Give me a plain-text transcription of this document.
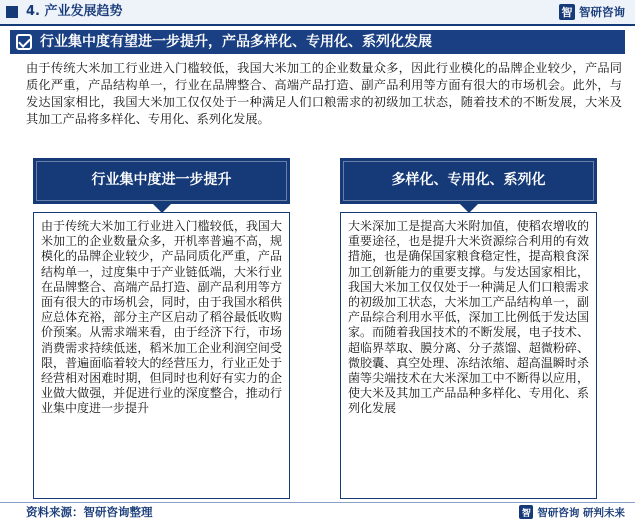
4. 产业发展趋势	智 智研咨询
行业集中度有望进一步提升，产品多样化、专用化、系列化发展
由于传统大米加工行业进入门槛较低，我国大米加工的企业数量众多，因此行业模化的品牌企业较少，产品同质化严重，产品结构单一，行业在品牌整合、高端产品打造、副产品利用等方面有很大的市场机会。此外，与发达国家相比，我国大米加工仅仅处于一种满足人们口粮需求的初级加工状态，随着技术的不断发展，大米及其加工产品将多样化、专用化、系列化发展。
行业集中度进一步提升
由于传统大米加工行业进入门槛较低，我国大米加工的企业数量众多，开机率普遍不高，规模化的品牌企业较少，产品同质化严重，产品结构单一，过度集中于产业链低端，大米行业在品牌整合、高端产品打造、副产品利用等方面有很大的市场机会，同时，由于我国水稻供应总体充裕，部分主产区启动了稻谷最低收购价预案。从需求端来看，由于经济下行，市场消费需求持续低迷，稻米加工企业利润空间受限，普遍面临着较大的经营压力，行业正处于经营相对困难时期，但同时也利好有实力的企业做大做强，并促进行业的深度整合，推动行业集中度进一步提升
多样化、专用化、系列化
大米深加工是提高大米附加值，使稻农增收的重要途径，也是提升大米资源综合利用的有效措施，也是确保国家粮食稳定性，提高粮食深加工创新能力的重要支撑。与发达国家相比，我国大米加工仅仅处于一种满足人们口粮需求的初级加工状态，大米加工产品结构单一，副产品综合利用水平低，深加工比例低于发达国家。而随着我国技术的不断发展，电子技术、超临界萃取、膜分离、分子蒸馏、超微粉碎、微胶囊、真空处理、冻结浓缩、超高温瞬时杀菌等尖端技术在大米深加工中不断得以应用，使大米及其加工产品品种多样化、专用化、系列化发展
资料来源：智研咨询整理	智 智研咨询 研判未来
